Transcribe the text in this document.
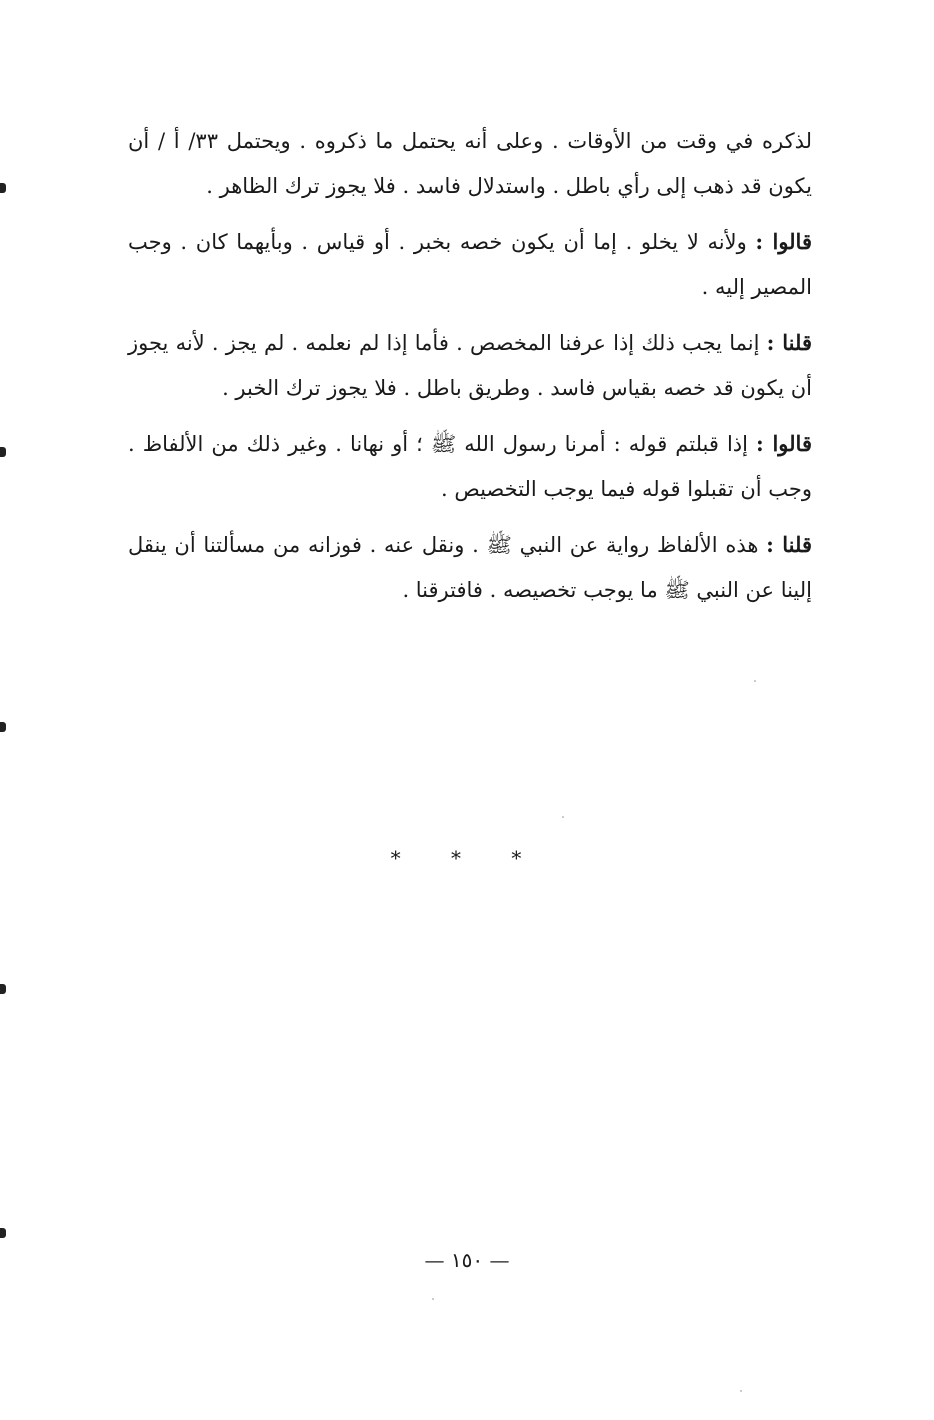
لذكره في وقت من الأوقات . وعلى أنه يحتمل ما ذكروه . ويحتمل ٣٣/ أ / أن يكون قد ذهب إلى رأي باطل . واستدلال فاسد . فلا يجوز ترك الظاهر .

قالوا : ولأنه لا يخلو . إما أن يكون خصه بخبر . أو قياس . وبأيهما كان . وجب المصير إليه .

قلنا : إنما يجب ذلك إذا عرفنا المخصص . فأما إذا لم نعلمه . لم يجز . لأنه يجوز أن يكون قد خصه بقياس فاسد . وطريق باطل . فلا يجوز ترك الخبر .

قالوا : إذا قبلتم قوله : أمرنا رسول الله ﷺ ؛ أو نهانا . وغير ذلك من الألفاظ . وجب أن تقبلوا قوله فيما يوجب التخصيص .

قلنا : هذه الألفاظ رواية عن النبي ﷺ . ونقل عنه . فوزانه من مسألتنا أن ينقل إلينا عن النبي ﷺ ما يوجب تخصيصه . فافترقنا .

* * *
— ١٥٠ —
